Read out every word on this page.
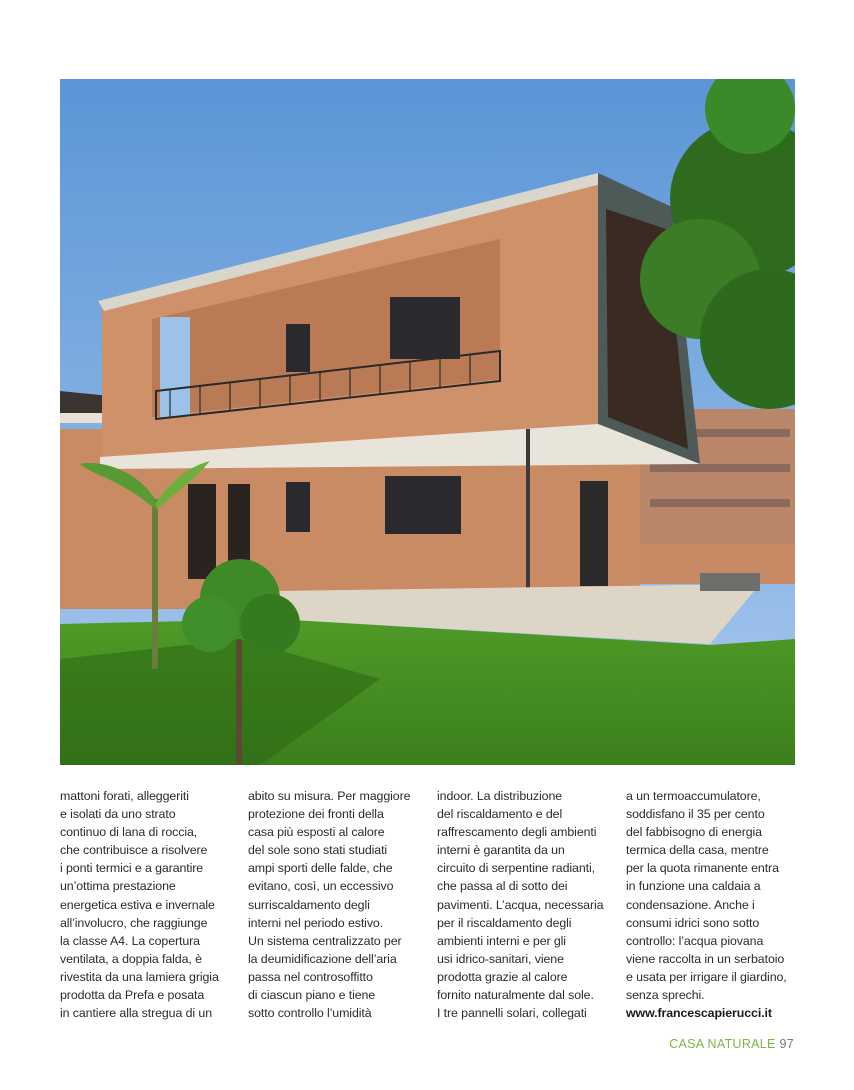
mattoni forati, alleggeriti
e isolati da uno strato
continuo di lana di roccia,
che contribuisce a risolvere
i ponti termici e a garantire
un’ottima prestazione
energetica estiva e invernale
all’involucro, che raggiunge
la classe A4. La copertura
ventilata, a doppia falda, è
rivestita da una lamiera grigia
prodotta da Prefa e posata
in cantiere alla stregua di un
abito su misura. Per maggiore
protezione dei fronti della
casa più esposti al calore
del sole sono stati studiati
ampi sporti delle falde, che
evitano, così, un eccessivo
surriscaldamento degli
interni nel periodo estivo.
Un sistema centralizzato per
la deumidificazione dell’aria
passa nel controsoffitto
di ciascun piano e tiene
sotto controllo l’umidità
indoor. La distribuzione
del riscaldamento e del
raffrescamento degli ambienti
interni è garantita da un
circuito di serpentine radianti,
che passa al di sotto dei
pavimenti. L’acqua, necessaria
per il riscaldamento degli
ambienti interni e per gli
usi idrico-sanitari, viene
prodotta grazie al calore
fornito naturalmente dal sole.
I tre pannelli solari, collegati
a un termoaccumulatore,
soddisfano il 35 per cento
del fabbisogno di energia
termica della casa, mentre
per la quota rimanente entra
in funzione una caldaia a
condensazione. Anche i
consumi idrici sono sotto
controllo: l’acqua piovana
viene raccolta in un serbatoio
e usata per irrigare il giardino,
senza sprechi.
www.francescapierucci.it
CASA NATURALE 97
